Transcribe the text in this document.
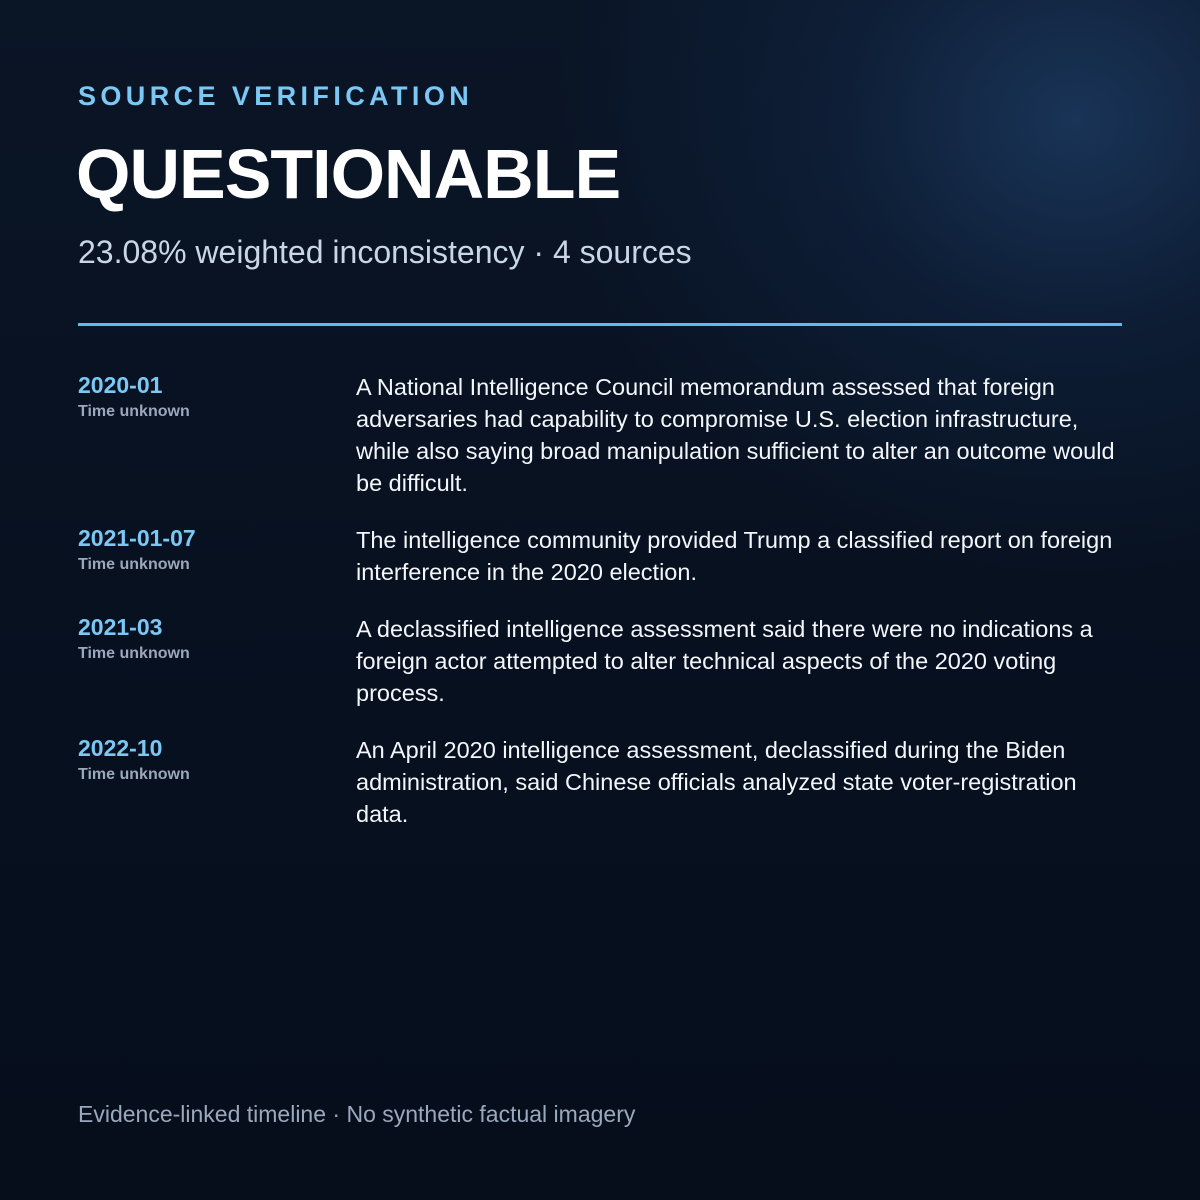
SOURCE VERIFICATION
QUESTIONABLE
23.08% weighted inconsistency · 4 sources
2020-01
Time unknown
A National Intelligence Council memorandum assessed that foreign adversaries had capability to compromise U.S. election infrastructure, while also saying broad manipulation sufficient to alter an outcome would be difficult.
2021-01-07
Time unknown
The intelligence community provided Trump a classified report on foreign interference in the 2020 election.
2021-03
Time unknown
A declassified intelligence assessment said there were no indications a foreign actor attempted to alter technical aspects of the 2020 voting process.
2022-10
Time unknown
An April 2020 intelligence assessment, declassified during the Biden administration, said Chinese officials analyzed state voter-registration data.
Evidence-linked timeline · No synthetic factual imagery
